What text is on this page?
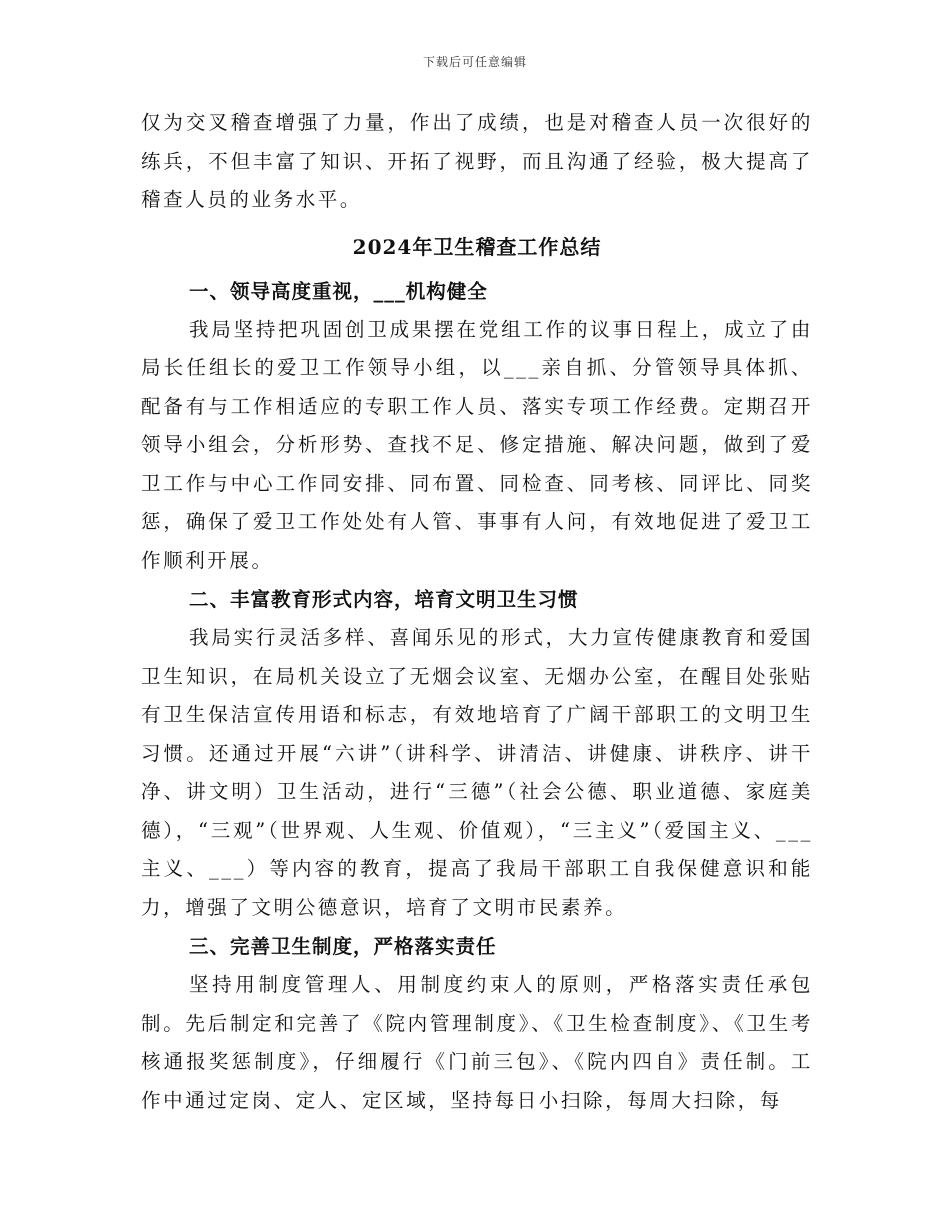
下载后可任意编辑

仅为交叉稽查增强了力量，作出了成绩，也是对稽查人员一次很好的练兵，不但丰富了知识、开拓了视野，而且沟通了经验，极大提高了稽查人员的业务水平。

2024年卫生稽查工作总结

一、领导高度重视，___机构健全

我局坚持把巩固创卫成果摆在党组工作的议事日程上，成立了由局长任组长的爱卫工作领导小组，以___亲自抓、分管领导具体抓、配备有与工作相适应的专职工作人员、落实专项工作经费。定期召开领导小组会，分析形势、查找不足、修定措施、解决问题，做到了爱卫工作与中心工作同安排、同布置、同检查、同考核、同评比、同奖惩，确保了爱卫工作处处有人管、事事有人问，有效地促进了爱卫工作顺利开展。

二、丰富教育形式内容，培育文明卫生习惯

我局实行灵活多样、喜闻乐见的形式，大力宣传健康教育和爱国卫生知识，在局机关设立了无烟会议室、无烟办公室，在醒目处张贴有卫生保洁宣传用语和标志，有效地培育了广阔干部职工的文明卫生习惯。还通过开展“六讲”（讲科学、讲清洁、讲健康、讲秩序、讲干净、讲文明）卫生活动，进行“三德”（社会公德、职业道德、家庭美德），“三观”（世界观、人生观、价值观），“三主义”（爱国主义、___主义、___）等内容的教育，提高了我局干部职工自我保健意识和能力，增强了文明公德意识，培育了文明市民素养。

三、完善卫生制度，严格落实责任

坚持用制度管理人、用制度约束人的原则，严格落实责任承包制。先后制定和完善了《院内管理制度》、《卫生检查制度》、《卫生考核通报奖惩制度》，仔细履行《门前三包》、《院内四自》责任制。工作中通过定岗、定人、定区域，坚持每日小扫除，每周大扫除，每
